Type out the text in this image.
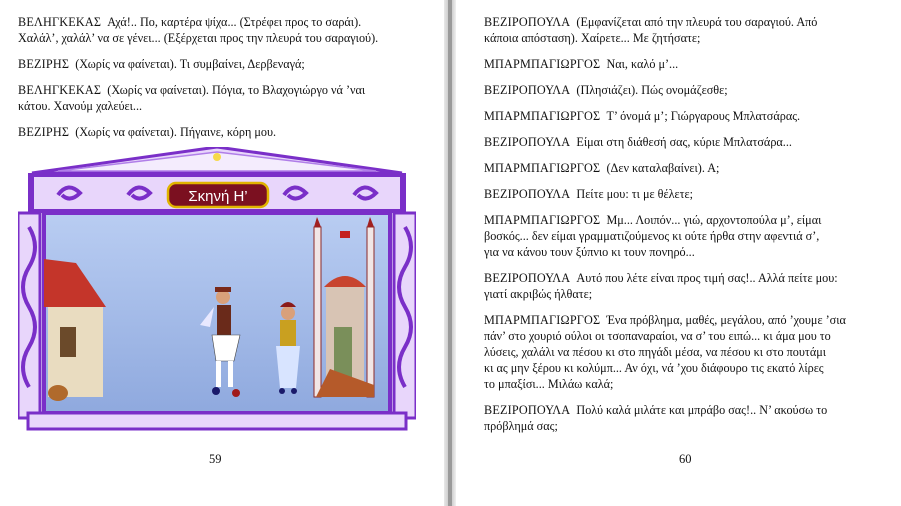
ΒΕΛΗΓΚΕΚΑΣ Αχά!.. Πο, καρτέρα ψίχα... (Στρέφει προς το σαράι).
Χαλάλ’, χαλάλ’ να σε γένει... (Εξέρχεται προς την πλευρά του σαραγιού).
ΒΕΖΙΡΗΣ (Χωρίς να φαίνεται). Τι συμβαίνει, Δερβεναγά;
ΒΕΛΗΓΚΕΚΑΣ (Χωρίς να φαίνεται). Πόγια, το Βλαχογιώργο νά ’ναι
κάτου. Χανούμ χαλεύει...
ΒΕΖΙΡΗΣ (Χωρίς να φαίνεται). Πήγαινε, κόρη μου.
Σκηνή Η’
59
ΒΕΖΙΡΟΠΟΥΛΑ (Εμφανίζεται από την πλευρά του σαραγιού. Από
κάποια απόσταση). Χαίρετε... Με ζητήσατε;
ΜΠΑΡΜΠΑΓΙΩΡΓΟΣ Ναι, καλό μ’...
ΒΕΖΙΡΟΠΟΥΛΑ (Πλησιάζει). Πώς ονομάζεσθε;
ΜΠΑΡΜΠΑΓΙΩΡΓΟΣ Τ’ όνομά μ’; Γιώργαρους Μπλατσάρας.
ΒΕΖΙΡΟΠΟΥΛΑ Είμαι στη διάθεσή σας, κύριε Μπλατσάρα...
ΜΠΑΡΜΠΑΓΙΩΡΓΟΣ (Δεν καταλαβαίνει). Α;
ΒΕΖΙΡΟΠΟΥΛΑ Πείτε μου: τι με θέλετε;
ΜΠΑΡΜΠΑΓΙΩΡΓΟΣ Μμ... Λοιπόν... γιώ, αρχοντοπούλα μ’, είμαι
βοσκός... δεν είμαι γραμματιζούμενος κι ούτε ήρθα στην αφεντιά σ’,
για να κάνου τουν ξύπνιο κι τουν πονηρό...
ΒΕΖΙΡΟΠΟΥΛΑ Αυτό που λέτε είναι προς τιμή σας!.. Αλλά πείτε μου:
γιατί ακριβώς ήλθατε;
ΜΠΑΡΜΠΑΓΙΩΡΓΟΣ Ένα πρόβλημα, μαθές, μεγάλου, από ’χουμε ’σια
πάν’ στο χουριό ούλοι οι τσοπαναραίοι, να σ’ του ειπώ... κι άμα μου το
λύσεις, χαλάλι να πέσου κι στο πηγάδι μέσα, να πέσου κι στο πουτάμι
κι ας μην ξέρου κι κολύμπ... Αν όχι, νά ’χου διάφουρο τις εκατό λίρες
το μπαξίσι... Μιλάω καλά;
ΒΕΖΙΡΟΠΟΥΛΑ Πολύ καλά μιλάτε και μπράβο σας!.. Ν’ ακούσω το
πρόβλημά σας;
60
